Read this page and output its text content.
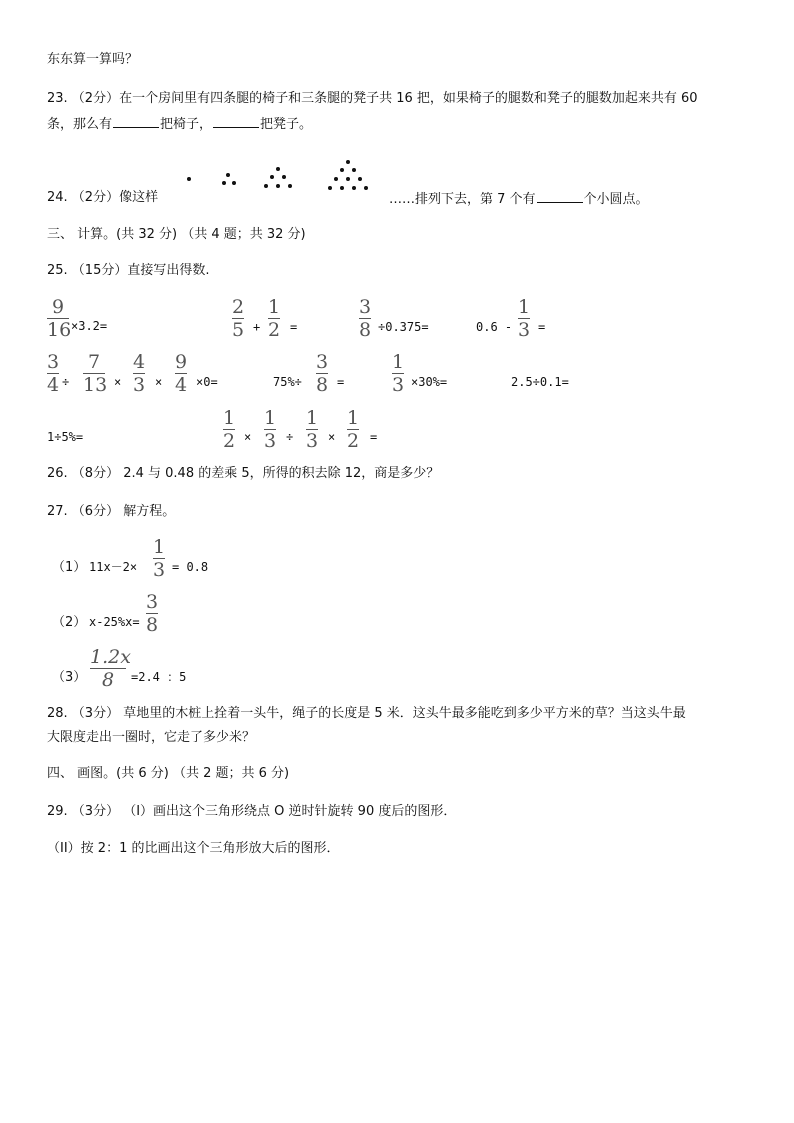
东东算一算吗？
23. （2分）在一个房间里有四条腿的椅子和三条腿的凳子共 16 把，如果椅子的腿数和凳子的腿数加起来共有 60
条，那么有	把椅子，	把凳子。
24. （2分）像这样	……排列下去，第 7 个有	个小圆点。
三、 计算。(共 32 分) （共 4 题；共 32 分)
25. （15分）直接写出得数.
9
16 ×3.2=
2
5 +
1
2 =
3
8 ÷0.375=	0.6 -
1
3 =
3
4 ÷
7
13 ×
4
3 ×
9
4 ×0=	75%÷
3
8 =
1
3 ×30%=	2.5÷0.1=
1÷5%=
1
2 ×
1
3 ÷
1
3 ×
1
2 =
26. （8分） 2.4 与 0.48 的差乘 5，所得的积去除 12，商是多少？
27. （6分） 解方程。
（1） 11x－2×
1
3 = 0.8
（2） x-25%x=
3
8
（3）
1.2x
8	=2.4 ：5
28. （3分） 草地里的木桩上拴着一头牛，绳子的长度是 5 米．这头牛最多能吃到多少平方米的草？当这头牛最
大限度走出一圈时，它走了多少米？
四、 画图。(共 6 分) （共 2 题；共 6 分)
29. （3分） （I）画出这个三角形绕点 O 逆时针旋转 90 度后的图形．
（II）按 2：1 的比画出这个三角形放大后的图形．
